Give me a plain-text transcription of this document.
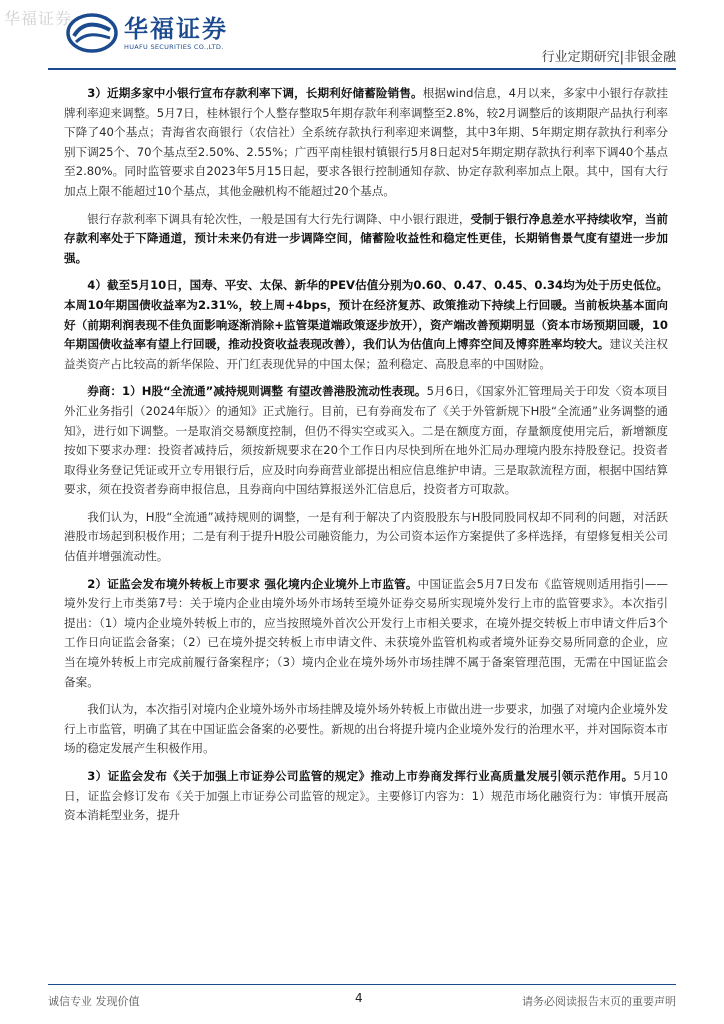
华福证券 华福证券
HUAFU SECURITIES CO.,LTD.
行业定期研究|非银金融

3）近期多家中小银行宣布存款利率下调，长期利好储蓄险销售。根据wind信息，4月以来，多家中小银行存款挂牌利率迎来调整。5月7日，桂林银行个人整存整取5年期存款年利率调整至2.8%，较2月调整后的该期限产品执行利率下降了40个基点；青海省农商银行（农信社）全系统存款执行利率迎来调整，其中3年期、5年期定期存款执行利率分别下调25个、70个基点至2.50%、2.55%；广西平南桂银村镇银行5月8日起对5年期定期存款执行利率下调40个基点至2.80%。同时监管要求自2023年5月15日起，要求各银行控制通知存款、协定存款利率加点上限。其中，国有大行加点上限不能超过10个基点，其他金融机构不能超过20个基点。

银行存款利率下调具有轮次性，一般是国有大行先行调降、中小银行跟进，受制于银行净息差水平持续收窄，当前存款利率处于下降通道，预计未来仍有进一步调降空间，储蓄险收益性和稳定性更佳，长期销售景气度有望进一步加强。

4）截至5月10日，国寿、平安、太保、新华的PEV估值分别为0.60、0.47、0.45、0.34均为处于历史低位。本周10年期国债收益率为2.31%，较上周+4bps，预计在经济复苏、政策推动下持续上行回暖。当前板块基本面向好（前期利润表现不佳负面影响逐渐消除+监管渠道端政策逐步放开），资产端改善预期明显（资本市场预期回暖，10年期国债收益率有望上行回暖，推动投资收益表现改善），我们认为估值向上博弈空间及博弈胜率均较大。建议关注权益类资产占比较高的新华保险、开门红表现优异的中国太保；盈利稳定、高股息率的中国财险。

券商：1）H股“全流通”减持规则调整 有望改善港股流动性表现。5月6日，《国家外汇管理局关于印发〈资本项目外汇业务指引（2024年版）〉的通知》正式施行。目前，已有券商发布了《关于外管新规下H股“全流通”业务调整的通知》，进行如下调整。一是取消交易额度控制，但仍不得实空或买入。二是在额度方面，存量额度使用完后，新增额度按如下要求办理：投资者减持后，须按新规要求在20个工作日内尽快到所在地外汇局办理境内股东持股登记。投资者取得业务登记凭证或开立专用银行后，应及时向券商营业部提出相应信息维护申请。三是取款流程方面，根据中国结算要求，须在投资者券商申报信息，且券商向中国结算报送外汇信息后，投资者方可取款。

我们认为，H股“全流通”减持规则的调整，一是有利于解决了内资股股东与H股同股同权却不同利的问题，对活跃港股市场起到积极作用；二是有利于提升H股公司融资能力，为公司资本运作方案提供了多样选择，有望修复相关公司估值并增强流动性。

2）证监会发布境外转板上市要求 强化境内企业境外上市监管。中国证监会5月7日发布《监管规则适用指引——境外发行上市类第7号：关于境内企业由境外场外市场转至境外证券交易所实现境外发行上市的监管要求》。本次指引提出：（1）境内企业境外转板上市的，应当按照境外首次公开发行上市相关要求，在境外提交转板上市申请文件后3个工作日向证监会备案；（2）已在境外提交转板上市申请文件、未获境外监管机构或者境外证券交易所同意的企业，应当在境外转板上市完成前履行备案程序；（3）境内企业在境外场外市场挂牌不属于备案管理范围，无需在中国证监会备案。

我们认为，本次指引对境内企业境外场外市场挂牌及境外场外转板上市做出进一步要求，加强了对境内企业境外发行上市监管，明确了其在中国证监会备案的必要性。新规的出台将提升境内企业境外发行的治理水平，并对国际资本市场的稳定发展产生积极作用。

3）证监会发布《关于加强上市证券公司监管的规定》推动上市券商发挥行业高质量发展引领示范作用。5月10日，证监会修订发布《关于加强上市证券公司监管的规定》。主要修订内容为：1）规范市场化融资行为：审慎开展高资本消耗型业务，提升

诚信专业 发现价值	4	请务必阅读报告末页的重要声明
